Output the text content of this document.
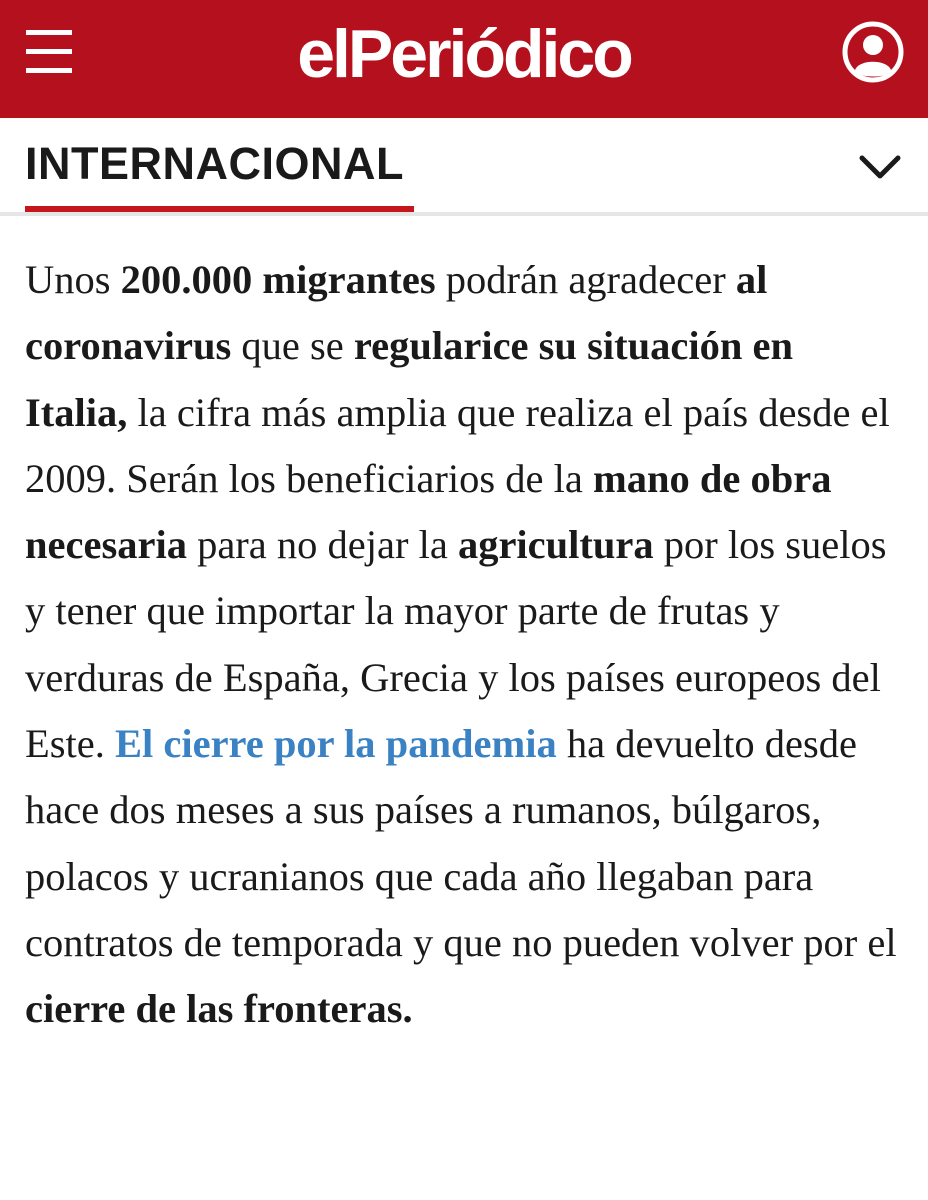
elPeriódico
INTERNACIONAL

Unos 200.000 migrantes podrán agradecer al coronavirus que se regularice su situación en Italia, la cifra más amplia que realiza el país desde el 2009. Serán los beneficiarios de la mano de obra necesaria para no dejar la agricultura por los suelos y tener que importar la mayor parte de frutas y verduras de España, Grecia y los países europeos del Este. El cierre por la pandemia ha devuelto desde hace dos meses a sus países a rumanos, búlgaros, polacos y ucranianos que cada año llegaban para contratos de temporada y que no pueden volver por el cierre de las fronteras.
